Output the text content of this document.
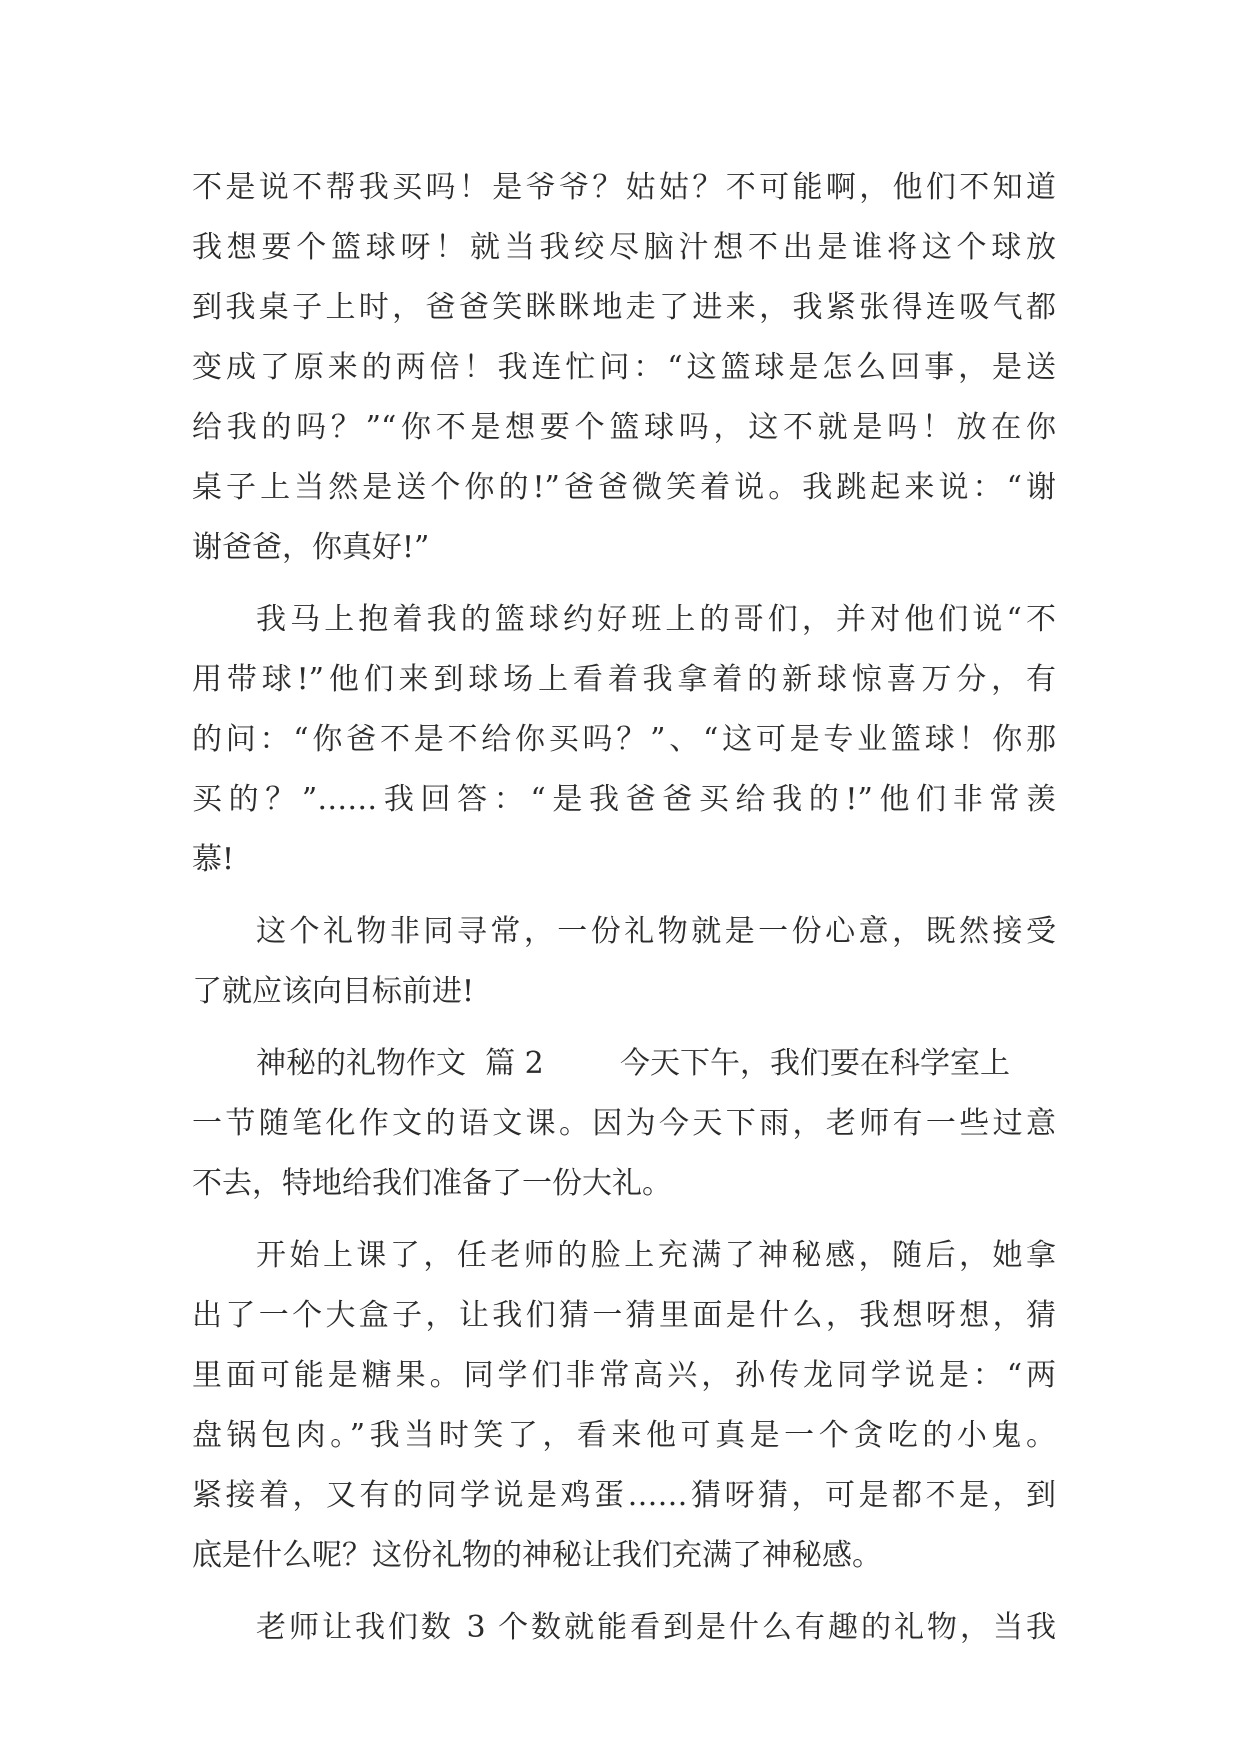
不是说不帮我买吗！是爷爷？姑姑？不可能啊，他们不知道
我想要个篮球呀！就当我绞尽脑汁想不出是谁将这个球放
到我桌子上时，爸爸笑眯眯地走了进来，我紧张得连吸气都
变成了原来的两倍！我连忙问：“这篮球是怎么回事，是送
给我的吗？”“你不是想要个篮球吗，这不就是吗！放在你
桌子上当然是送个你的!”爸爸微笑着说。我跳起来说：“谢
谢爸爸，你真好!”
我马上抱着我的篮球约好班上的哥们，并对他们说“不
用带球!”他们来到球场上看着我拿着的新球惊喜万分，有
的问：“你爸不是不给你买吗？”、“这可是专业篮球！你那
买的？”……我回答：“是我爸爸买给我的!”他们非常羡
慕!
这个礼物非同寻常，一份礼物就是一份心意，既然接受
了就应该向目标前进!
神秘的礼物作文  篇 2        今天下午，我们要在科学室上
一节随笔化作文的语文课。因为今天下雨，老师有一些过意
不去，特地给我们准备了一份大礼。
开始上课了，任老师的脸上充满了神秘感，随后，她拿
出了一个大盒子，让我们猜一猜里面是什么，我想呀想，猜
里面可能是糖果。同学们非常高兴，孙传龙同学说是：“两
盘锅包肉。”我当时笑了，看来他可真是一个贪吃的小鬼。
紧接着，又有的同学说是鸡蛋……猜呀猜，可是都不是，到
底是什么呢？这份礼物的神秘让我们充满了神秘感。
老师让我们数 3 个数就能看到是什么有趣的礼物，当我
